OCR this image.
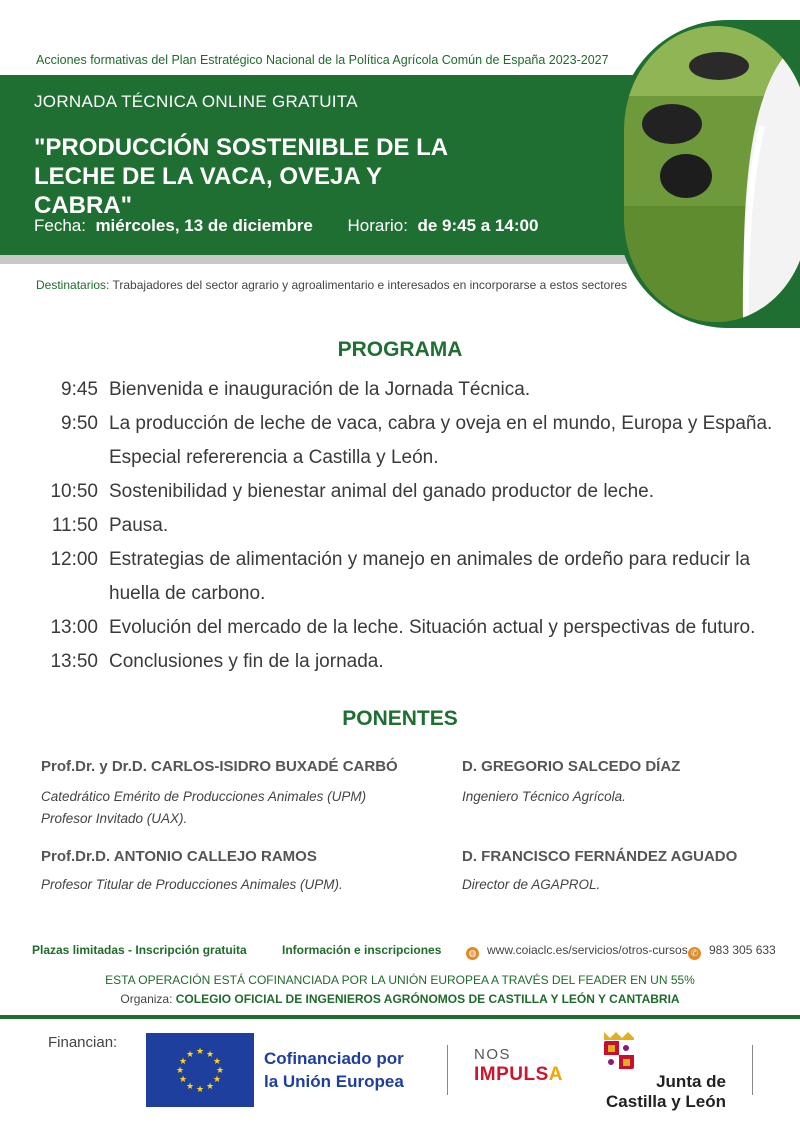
Acciones formativas del Plan Estratégico Nacional de la Política Agrícola Común de España 2023-2027
JORNADA TÉCNICA ONLINE GRATUITA
"PRODUCCIÓN SOSTENIBLE DE LA
LECHE DE LA VACA, OVEJA Y CABRA"
Fecha: miércoles, 13 de diciembre Horario: de 9:45 a 14:00
Destinatarios: Trabajadores del sector agrario y agroalimentario e interesados en incorporarse a estos sectores
PROGRAMA
9:45 Bienvenida e inauguración de la Jornada Técnica.
9:50 La producción de leche de vaca, cabra y oveja en el mundo, Europa y España. Especial refererencia a Castilla y León.
10:50 Sostenibilidad y bienestar animal del ganado productor de leche.
11:50 Pausa.
12:00 Estrategias de alimentación y manejo en animales de ordeño para reducir la huella de carbono.
13:00 Evolución del mercado de la leche. Situación actual y perspectivas de futuro.
13:50 Conclusiones y fin de la jornada.
PONENTES
Prof.Dr. y Dr.D. CARLOS-ISIDRO BUXADÉ CARBÓ
Catedrático Emérito de Producciones Animales (UPM)
Profesor Invitado (UAX).
D. GREGORIO SALCEDO DÍAZ
Ingeniero Técnico Agrícola.
Prof.Dr.D. ANTONIO CALLEJO RAMOS
Profesor Titular de Producciones Animales (UPM).
D. FRANCISCO FERNÁNDEZ AGUADO
Director de AGAPROL.
Plazas limitadas - Inscripción gratuita	Información e inscripciones	◍ www.coiaclc.es/servicios/otros-cursos ✆ 983 305 633
ESTA OPERACIÓN ESTÁ COFINANCIADA POR LA UNIÓN EUROPEA A TRAVÉS DEL FEADER EN UN 55%
Organiza: COLEGIO OFICIAL DE INGENIEROS AGRÓNOMOS DE CASTILLA Y LEÓN Y CANTABRIA
Financian:
★ ★
★
★
★
★
★
★
★
★
★
★	Cofinanciado por
la Unión Europea
NOS
IMPULSA	Junta de
Castilla y León
